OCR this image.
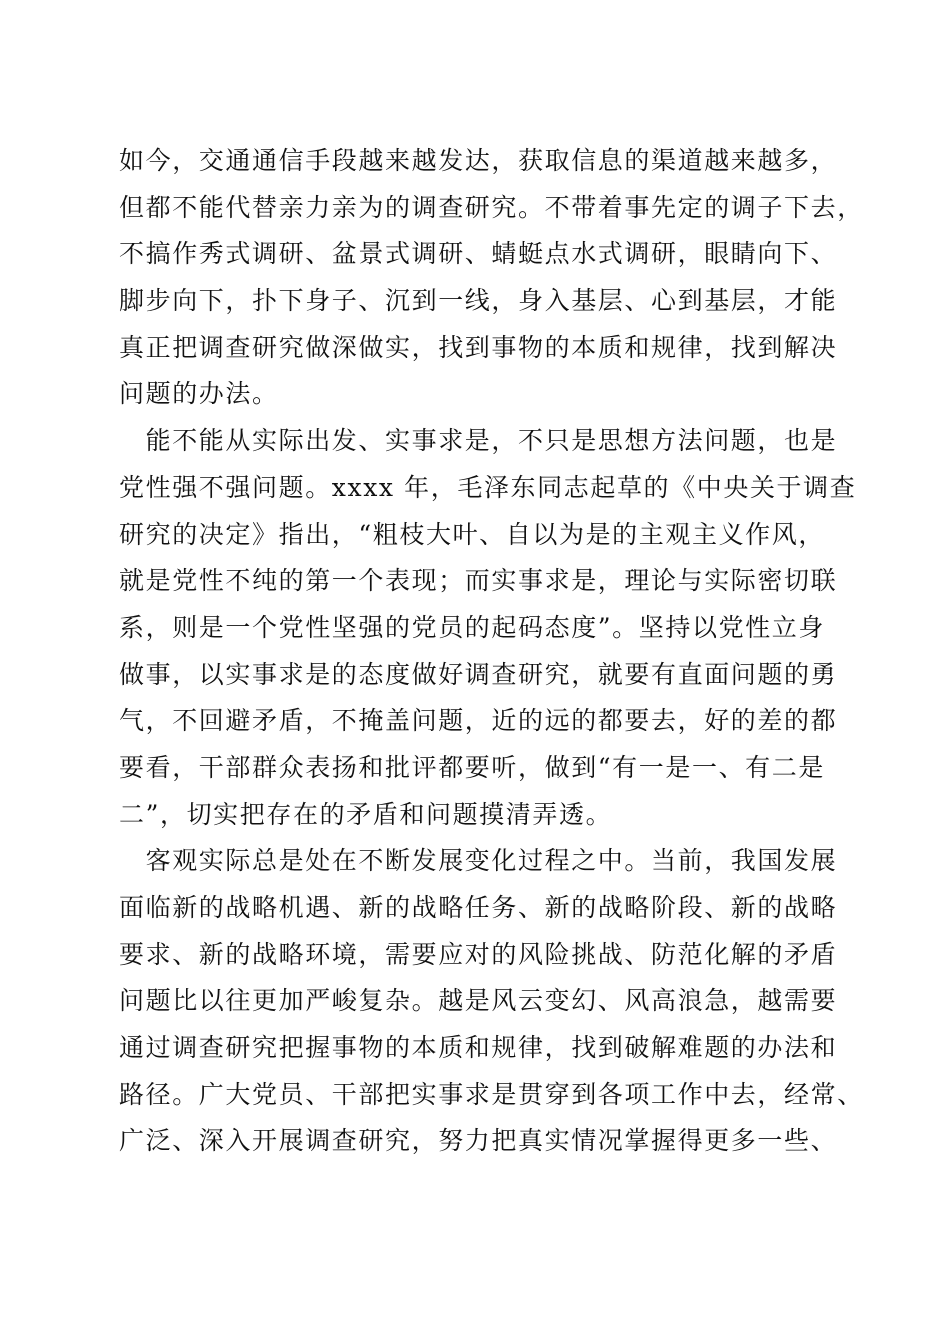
如今，交通通信手段越来越发达，获取信息的渠道越来越多，
但都不能代替亲力亲为的调查研究。不带着事先定的调子下去，
不搞作秀式调研、盆景式调研、蜻蜓点水式调研，眼睛向下、
脚步向下，扑下身子、沉到一线，身入基层、心到基层，才能
真正把调查研究做深做实，找到事物的本质和规律，找到解决
问题的办法。
　能不能从实际出发、实事求是，不只是思想方法问题，也是
党性强不强问题。xxxx 年，毛泽东同志起草的《中央关于调查
研究的决定》指出，“粗枝大叶、自以为是的主观主义作风，
就是党性不纯的第一个表现；而实事求是，理论与实际密切联
系，则是一个党性坚强的党员的起码态度”。坚持以党性立身
做事，以实事求是的态度做好调查研究，就要有直面问题的勇
气，不回避矛盾，不掩盖问题，近的远的都要去，好的差的都
要看，干部群众表扬和批评都要听，做到“有一是一、有二是
二”，切实把存在的矛盾和问题摸清弄透。
　客观实际总是处在不断发展变化过程之中。当前，我国发展
面临新的战略机遇、新的战略任务、新的战略阶段、新的战略
要求、新的战略环境，需要应对的风险挑战、防范化解的矛盾
问题比以往更加严峻复杂。越是风云变幻、风高浪急，越需要
通过调查研究把握事物的本质和规律，找到破解难题的办法和
路径。广大党员、干部把实事求是贯穿到各项工作中去，经常、
广泛、深入开展调查研究，努力把真实情况掌握得更多一些、
